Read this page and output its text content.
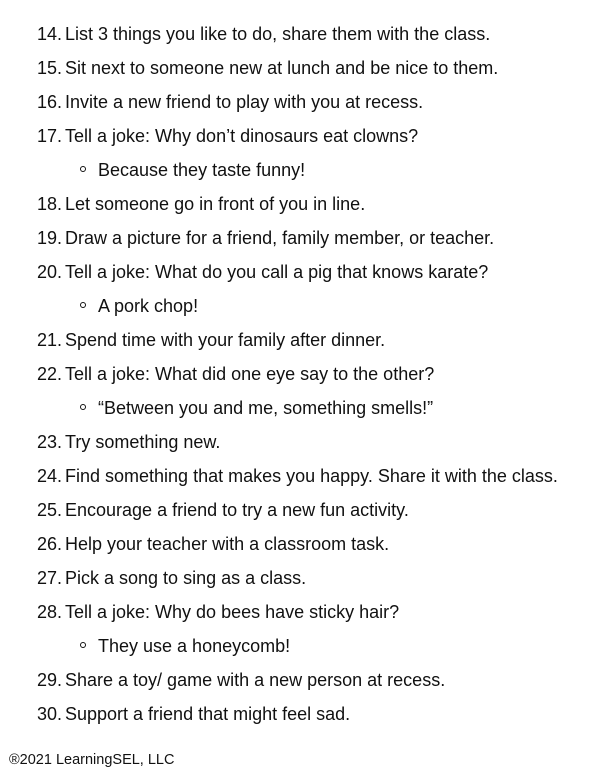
14. List 3 things you like to do, share them with the class.
15. Sit next to someone new at lunch and be nice to them.
16. Invite a new friend to play with you at recess.
17. Tell a joke: Why don’t dinosaurs eat clowns?
Because they taste funny!
18. Let someone go in front of you in line.
19. Draw a picture for a friend, family member, or teacher.
20. Tell a joke: What do you call a pig that knows karate?
A pork chop!
21. Spend time with your family after dinner.
22. Tell a joke: What did one eye say to the other?
“Between you and me, something smells!”
23. Try something new.
24. Find something that makes you happy. Share it with the class.
25. Encourage a friend to try a new fun activity.
26. Help your teacher with a classroom task.
27. Pick a song to sing as a class.
28. Tell a joke: Why do bees have sticky hair?
They use a honeycomb!
29. Share a toy/ game with a new person at recess.
30. Support a friend that might feel sad.
®2021 LearningSEL, LLC
